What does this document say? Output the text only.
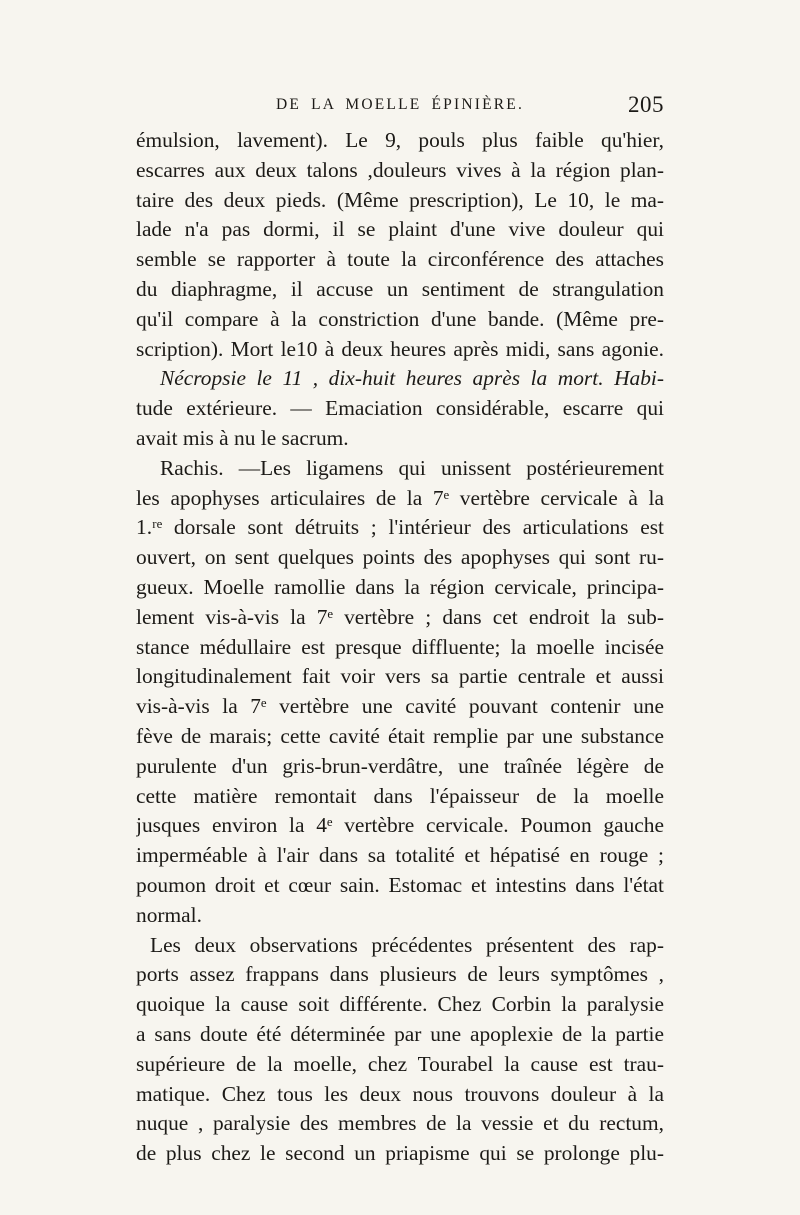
DE LA MOELLE ÉPINIÈRE.	205
émulsion, lavement). Le 9, pouls plus faible qu'hier,
escarres aux deux talons ,douleurs vives à la région plan-
taire des deux pieds. (Même prescription), Le 10, le ma-
lade n'a pas dormi, il se plaint d'une vive douleur qui
semble se rapporter à toute la circonférence des attaches
du diaphragme, il accuse un sentiment de strangulation
qu'il compare à la constriction d'une bande. (Même pre-
scription). Mort le10 à deux heures après midi, sans agonie.
Nécropsie le 11 , dix-huit heures après la mort. Habi-
tude extérieure. — Emaciation considérable, escarre qui
avait mis à nu le sacrum.
Rachis. —Les ligamens qui unissent postérieurement
les apophyses articulaires de la 7ᵉ vertèbre cervicale à la
1.ʳᵉ dorsale sont détruits ; l'intérieur des articulations est
ouvert, on sent quelques points des apophyses qui sont ru-
gueux. Moelle ramollie dans la région cervicale, principa-
lement vis-à-vis la 7ᵉ vertèbre ; dans cet endroit la sub-
stance médullaire est presque diffluente; la moelle incisée
longitudinalement fait voir vers sa partie centrale et aussi
vis-à-vis la 7ᵉ vertèbre une cavité pouvant contenir une
fève de marais; cette cavité était remplie par une substance
purulente d'un gris-brun-verdâtre, une traînée légère de
cette matière remontait dans l'épaisseur de la moelle
jusques environ la 4ᵉ vertèbre cervicale. Poumon gauche
imperméable à l'air dans sa totalité et hépatisé en rouge ;
poumon droit et cœur sain. Estomac et intestins dans l'état
normal.
Les deux observations précédentes présentent des rap-
ports assez frappans dans plusieurs de leurs symptômes ,
quoique la cause soit différente. Chez Corbin la paralysie
a sans doute été déterminée par une apoplexie de la partie
supérieure de la moelle, chez Tourabel la cause est trau-
matique. Chez tous les deux nous trouvons douleur à la
nuque , paralysie des membres de la vessie et du rectum,
de plus chez le second un priapisme qui se prolonge plu-
